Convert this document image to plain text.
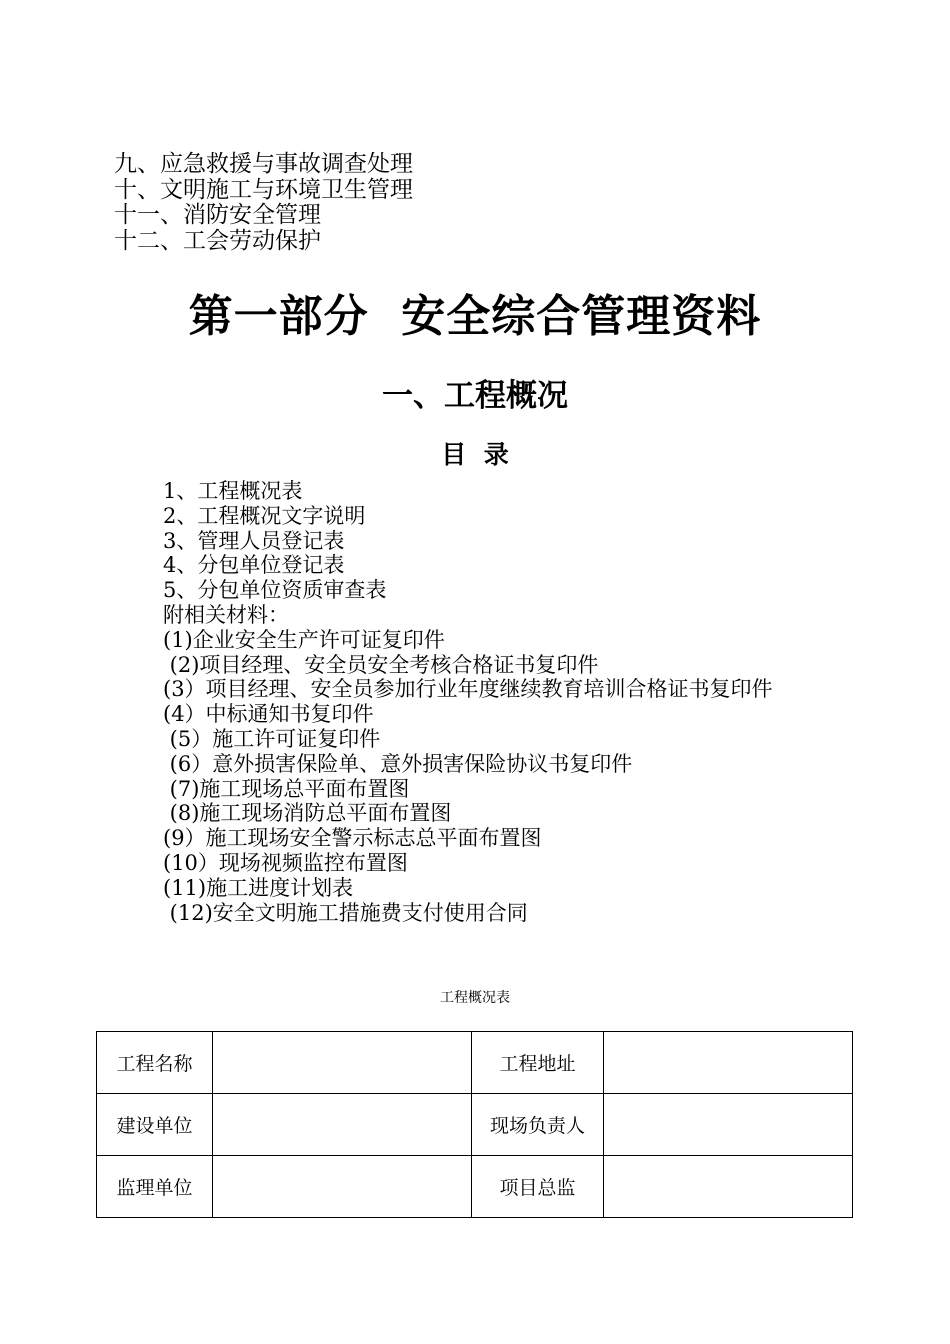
九、应急救援与事故调查处理
十、文明施工与环境卫生管理
十一、消防安全管理
十二、工会劳动保护
第一部分  安全综合管理资料
一、工程概况
目  录
1、工程概况表
2、工程概况文字说明
3、管理人员登记表
4、分包单位登记表
5、分包单位资质审查表
附相关材料：
(1)企业安全生产许可证复印件
(2)项目经理、安全员安全考核合格证书复印件
(3）项目经理、安全员参加行业年度继续教育培训合格证书复印件
(4）中标通知书复印件
(5）施工许可证复印件
(6）意外损害保险单、意外损害保险协议书复印件
(7)施工现场总平面布置图
(8)施工现场消防总平面布置图
(9）施工现场安全警示标志总平面布置图
(10）现场视频监控布置图
(11)施工进度计划表
(12)安全文明施工措施费支付使用合同
工程概况表
工程名称		工程地址	
建设单位		现场负责人	
监理单位		项目总监	
